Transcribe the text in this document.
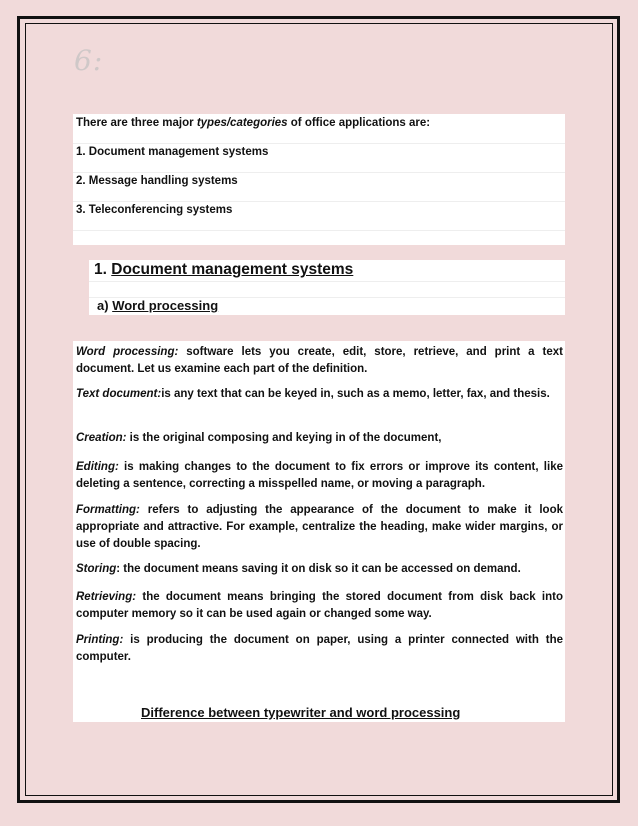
6:
There are three major types/categories of office applications are:
1. Document management systems
2. Message handling systems
3. Teleconferencing systems
1. Document management systems
a) Word processing
Word processing: software lets you create, edit, store, retrieve, and print a text document. Let us examine each part of the definition.
Text document:is any text that can be keyed in, such as a memo, letter, fax, and thesis.
Creation: is the original composing and keying in of the document,
Editing: is making changes to the document to fix errors or improve its content, like deleting a sentence, correcting a misspelled name, or moving a paragraph.
Formatting: refers to adjusting the appearance of the document to make it look appropriate and attractive. For example, centralize the heading, make wider margins, or use of double spacing.
Storing: the document means saving it on disk so it can be accessed on demand.
Retrieving: the document means bringing the stored document from disk back into computer memory so it can be used again or changed some way.
Printing: is producing the document on paper, using a printer connected with the computer.
Difference between typewriter and word processing
